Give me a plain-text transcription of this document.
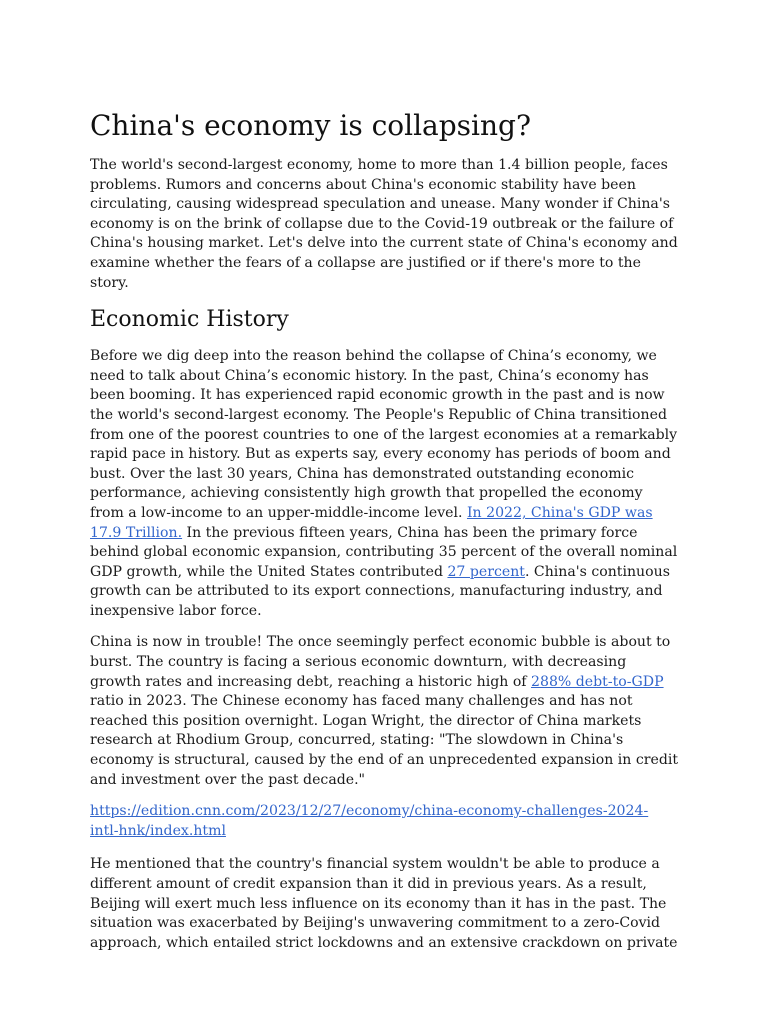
China's economy is collapsing?

The world's second-largest economy, home to more than 1.4 billion people, faces problems. Rumors and concerns about China's economic stability have been circulating, causing widespread speculation and unease. Many wonder if China's economy is on the brink of collapse due to the Covid-19 outbreak or the failure of China's housing market. Let's delve into the current state of China's economy and examine whether the fears of a collapse are justified or if there's more to the story.

Economic History

Before we dig deep into the reason behind the collapse of China’s economy, we need to talk about China’s economic history. In the past, China’s economy has been booming. It has experienced rapid economic growth in the past and is now the world's second-largest economy. The People's Republic of China transitioned from one of the poorest countries to one of the largest economies at a remarkably rapid pace in history. But as experts say, every economy has periods of boom and bust. Over the last 30 years, China has demonstrated outstanding economic performance, achieving consistently high growth that propelled the economy from a low-income to an upper-middle-income level. In 2022, China's GDP was 17.9 Trillion. In the previous fifteen years, China has been the primary force behind global economic expansion, contributing 35 percent of the overall nominal GDP growth, while the United States contributed 27 percent. China's continuous growth can be attributed to its export connections, manufacturing industry, and inexpensive labor force.

China is now in trouble! The once seemingly perfect economic bubble is about to burst. The country is facing a serious economic downturn, with decreasing growth rates and increasing debt, reaching a historic high of 288% debt-to-GDP ratio in 2023. The Chinese economy has faced many challenges and has not reached this position overnight. Logan Wright, the director of China markets research at Rhodium Group, concurred, stating: "The slowdown in China's economy is structural, caused by the end of an unprecedented expansion in credit and investment over the past decade."

https://edition.cnn.com/2023/12/27/economy/china-economy-challenges-2024-
intl-hnk/index.html

He mentioned that the country's financial system wouldn't be able to produce a different amount of credit expansion than it did in previous years. As a result, Beijing will exert much less influence on its economy than it has in the past. The situation was exacerbated by Beijing's unwavering commitment to a zero-Covid approach, which entailed strict lockdowns and an extensive crackdown on private
